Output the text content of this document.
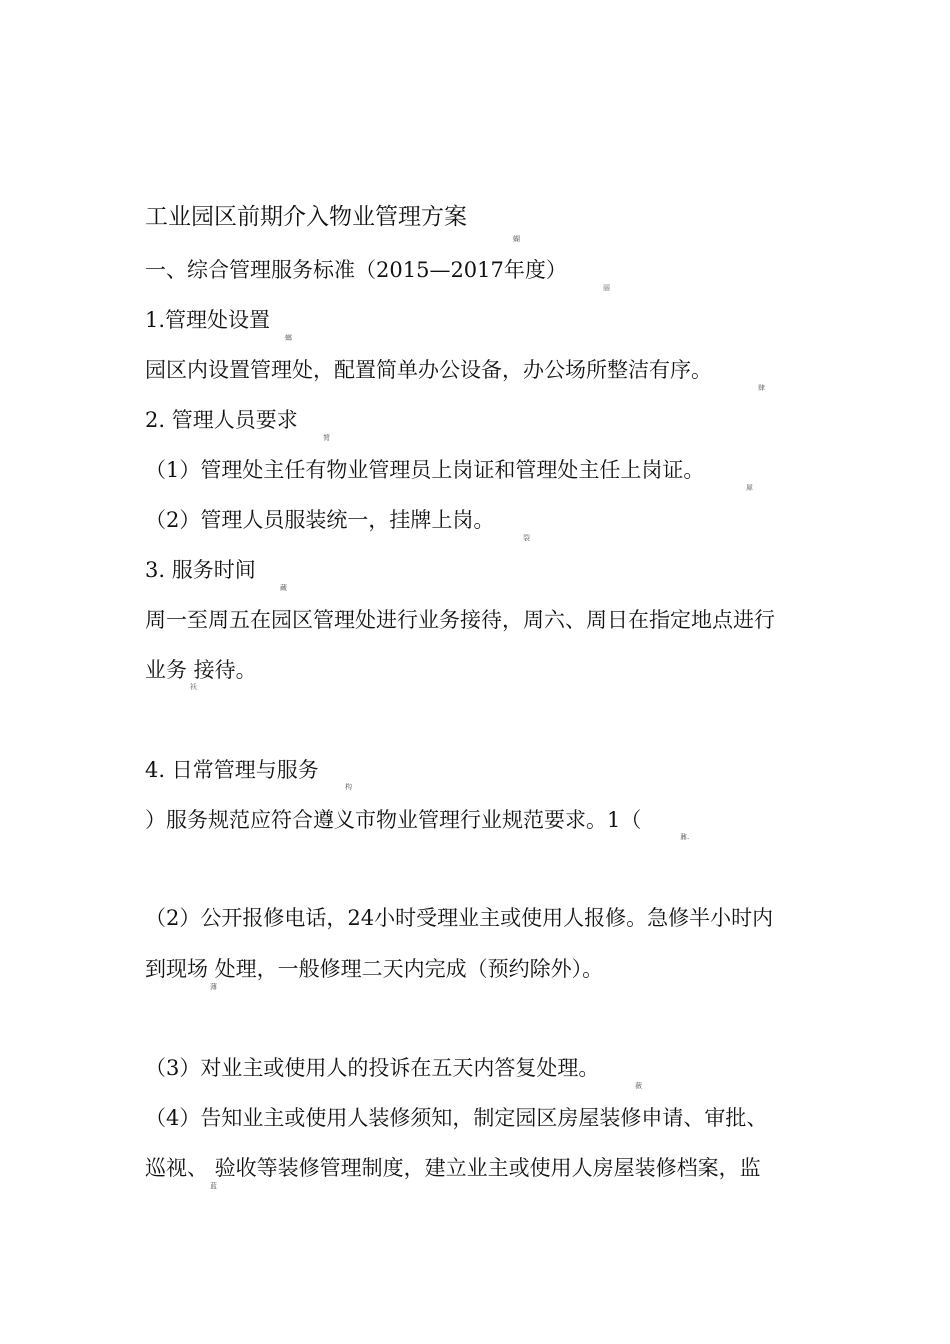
工业园区前期介入物业管理方案
一、综合管理服务标准（2015—2017年度）
1.管理处设置
园区内设置管理处，配置简单办公设备，办公场所整洁有序。
2. 管理人员要求
（1）管理处主任有物业管理员上岗证和管理处主任上岗证。
（2）管理人员服装统一，挂牌上岗。
3. 服务时间
周一至周五在园区管理处进行业务接待，周六、周日在指定地点进行
业务 接待。
4. 日常管理与服务
）服务规范应符合遵义市物业管理行业规范要求。1（
（2）公开报修电话，24小时受理业主或使用人报修。急修半小时内
到现场 处理，一般修理二天内完成（预约除外）。
（3）对业主或使用人的投诉在五天内答复处理。
（4）告知业主或使用人装修须知，制定园区房屋装修申请、审批、
巡视、 验收等装修管理制度，建立业主或使用人房屋装修档案，监
蝴
丽
螂
肆
膂
犀
裂
藏
袄
构
鼐.
薄
薇
蓝
